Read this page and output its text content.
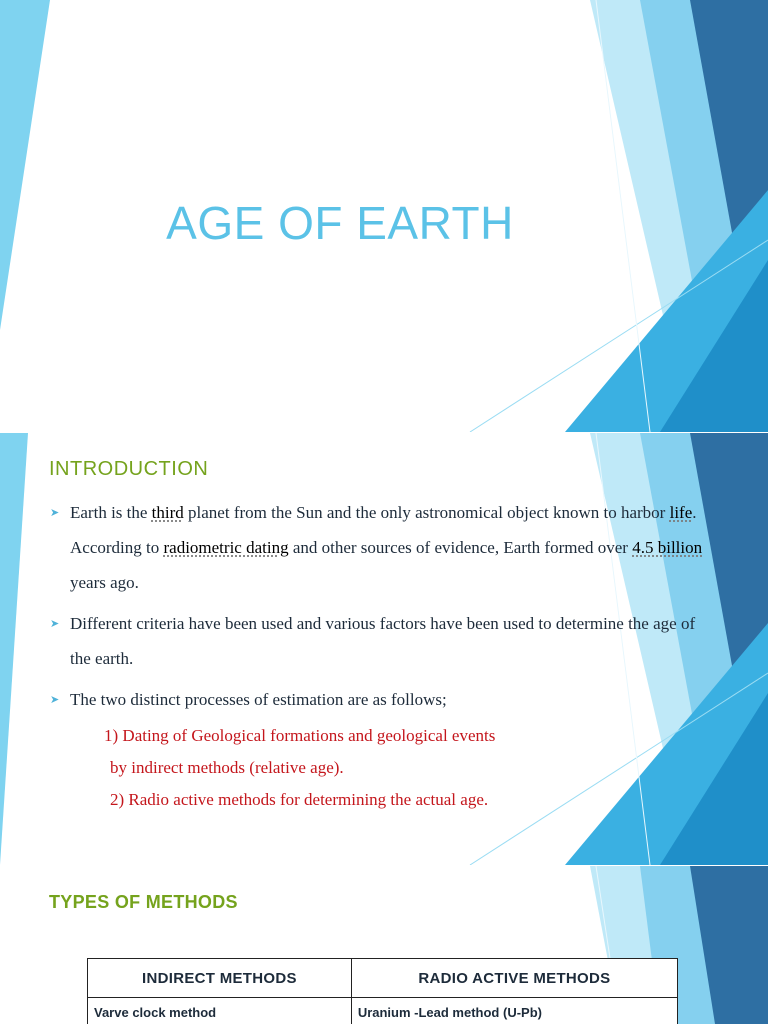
AGE OF EARTH
INTRODUCTION
➤ Earth is the third planet from the Sun and the only astronomical object known to harbor life. According to radiometric dating and other sources of evidence, Earth formed over 4.5 billion years ago.
➤ Different criteria have been used and various factors have been used to determine the age of the earth.
➤ The two distinct processes of estimation are as follows;
1) Dating of Geological formations and geological events
by indirect methods (relative age).
2) Radio active methods for determining the actual age.
TYPES OF METHODS
INDIRECT METHODS	RADIO ACTIVE METHODS
Varve clock method	Uranium -Lead method (U-Pb)
